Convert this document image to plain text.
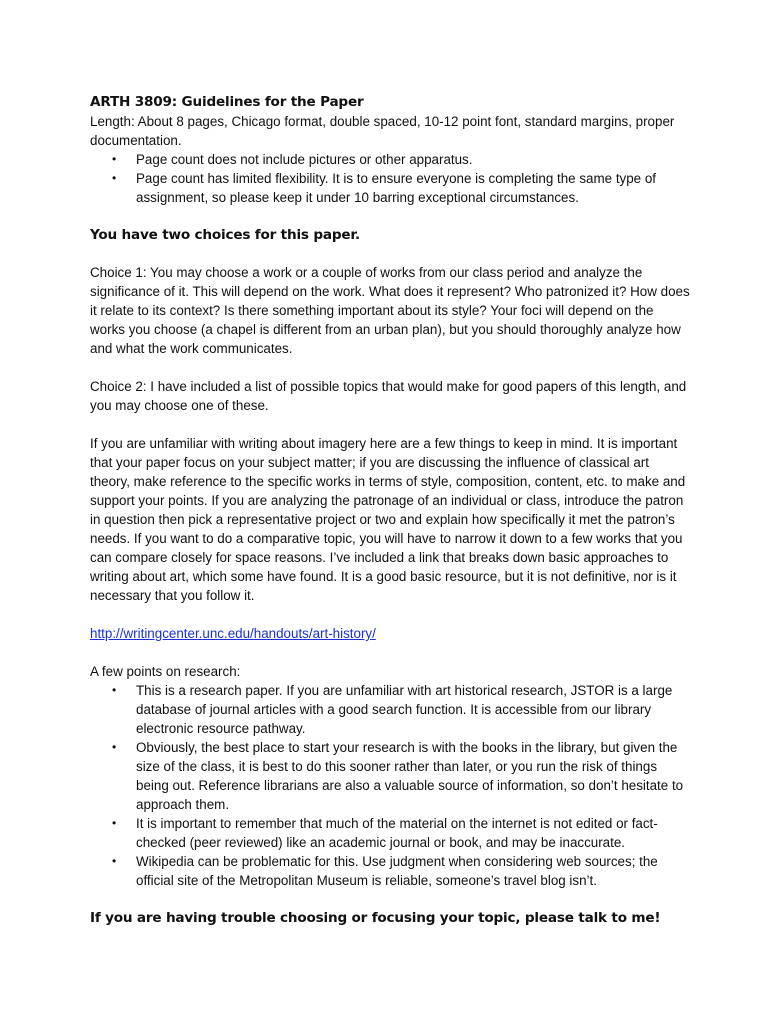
ARTH 3809: Guidelines for the Paper

Length: About 8 pages, Chicago format, double spaced, 10-12 point font, standard margins, proper documentation.

• Page count does not include pictures or other apparatus.
• Page count has limited flexibility. It is to ensure everyone is completing the same type of assignment, so please keep it under 10 barring exceptional circumstances.

You have two choices for this paper.

Choice 1: You may choose a work or a couple of works from our class period and analyze the significance of it. This will depend on the work. What does it represent? Who patronized it? How does it relate to its context? Is there something important about its style? Your foci will depend on the works you choose (a chapel is different from an urban plan), but you should thoroughly analyze how and what the work communicates.

Choice 2: I have included a list of possible topics that would make for good papers of this length, and you may choose one of these.

If you are unfamiliar with writing about imagery here are a few things to keep in mind. It is important that your paper focus on your subject matter; if you are discussing the influence of classical art theory, make reference to the specific works in terms of style, composition, content, etc. to make and support your points. If you are analyzing the patronage of an individual or class, introduce the patron in question then pick a representative project or two and explain how specifically it met the patron’s needs. If you want to do a comparative topic, you will have to narrow it down to a few works that you can compare closely for space reasons. I’ve included a link that breaks down basic approaches to writing about art, which some have found. It is a good basic resource, but it is not definitive, nor is it necessary that you follow it.

http://writingcenter.unc.edu/handouts/art-history/

A few points on research:

• This is a research paper. If you are unfamiliar with art historical research, JSTOR is a large database of journal articles with a good search function. It is accessible from our library electronic resource pathway.
• Obviously, the best place to start your research is with the books in the library, but given the size of the class, it is best to do this sooner rather than later, or you run the risk of things being out. Reference librarians are also a valuable source of information, so don’t hesitate to approach them.
• It is important to remember that much of the material on the internet is not edited or fact-checked (peer reviewed) like an academic journal or book, and may be inaccurate.
• Wikipedia can be problematic for this. Use judgment when considering web sources; the official site of the Metropolitan Museum is reliable, someone’s travel blog isn’t.

If you are having trouble choosing or focusing your topic, please talk to me!
